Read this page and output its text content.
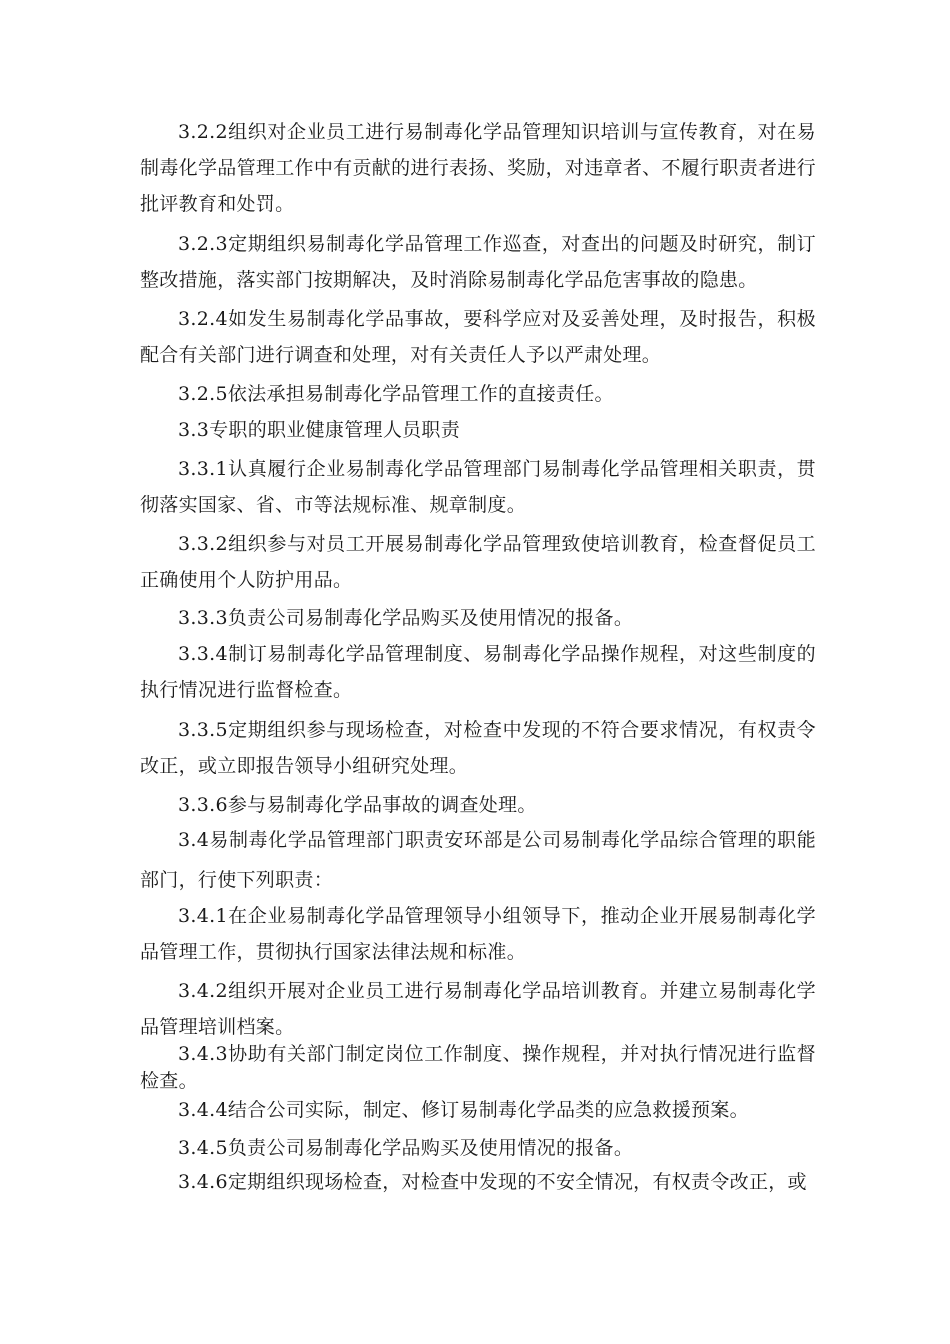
3.2.2组织对企业员工进行易制毒化学品管理知识培训与宣传教育，对在易制毒化学品管理工作中有贡献的进行表扬、奖励，对违章者、不履行职责者进行批评教育和处罚。

3.2.3定期组织易制毒化学品管理工作巡查，对查出的问题及时研究，制订整改措施，落实部门按期解决，及时消除易制毒化学品危害事故的隐患。

3.2.4如发生易制毒化学品事故，要科学应对及妥善处理，及时报告，积极配合有关部门进行调查和处理，对有关责任人予以严肃处理。

3.2.5依法承担易制毒化学品管理工作的直接责任。

3.3专职的职业健康管理人员职责

3.3.1认真履行企业易制毒化学品管理部门易制毒化学品管理相关职责，贯彻落实国家、省、市等法规标准、规章制度。

3.3.2组织参与对员工开展易制毒化学品管理致使培训教育，检查督促员工正确使用个人防护用品。

3.3.3负责公司易制毒化学品购买及使用情况的报备。

3.3.4制订易制毒化学品管理制度、易制毒化学品操作规程，对这些制度的执行情况进行监督检查。

3.3.5定期组织参与现场检查，对检查中发现的不符合要求情况，有权责令改正，或立即报告领导小组研究处理。

3.3.6参与易制毒化学品事故的调查处理。

3.4易制毒化学品管理部门职责安环部是公司易制毒化学品综合管理的职能部门，行使下列职责：

3.4.1在企业易制毒化学品管理领导小组领导下，推动企业开展易制毒化学品管理工作，贯彻执行国家法律法规和标准。

3.4.2组织开展对企业员工进行易制毒化学品培训教育。并建立易制毒化学品管理培训档案。

3.4.3协助有关部门制定岗位工作制度、操作规程，并对执行情况进行监督检查。

3.4.4结合公司实际，制定、修订易制毒化学品类的应急救援预案。

3.4.5负责公司易制毒化学品购买及使用情况的报备。

3.4.6定期组织现场检查，对检查中发现的不安全情况，有权责令改正，或
